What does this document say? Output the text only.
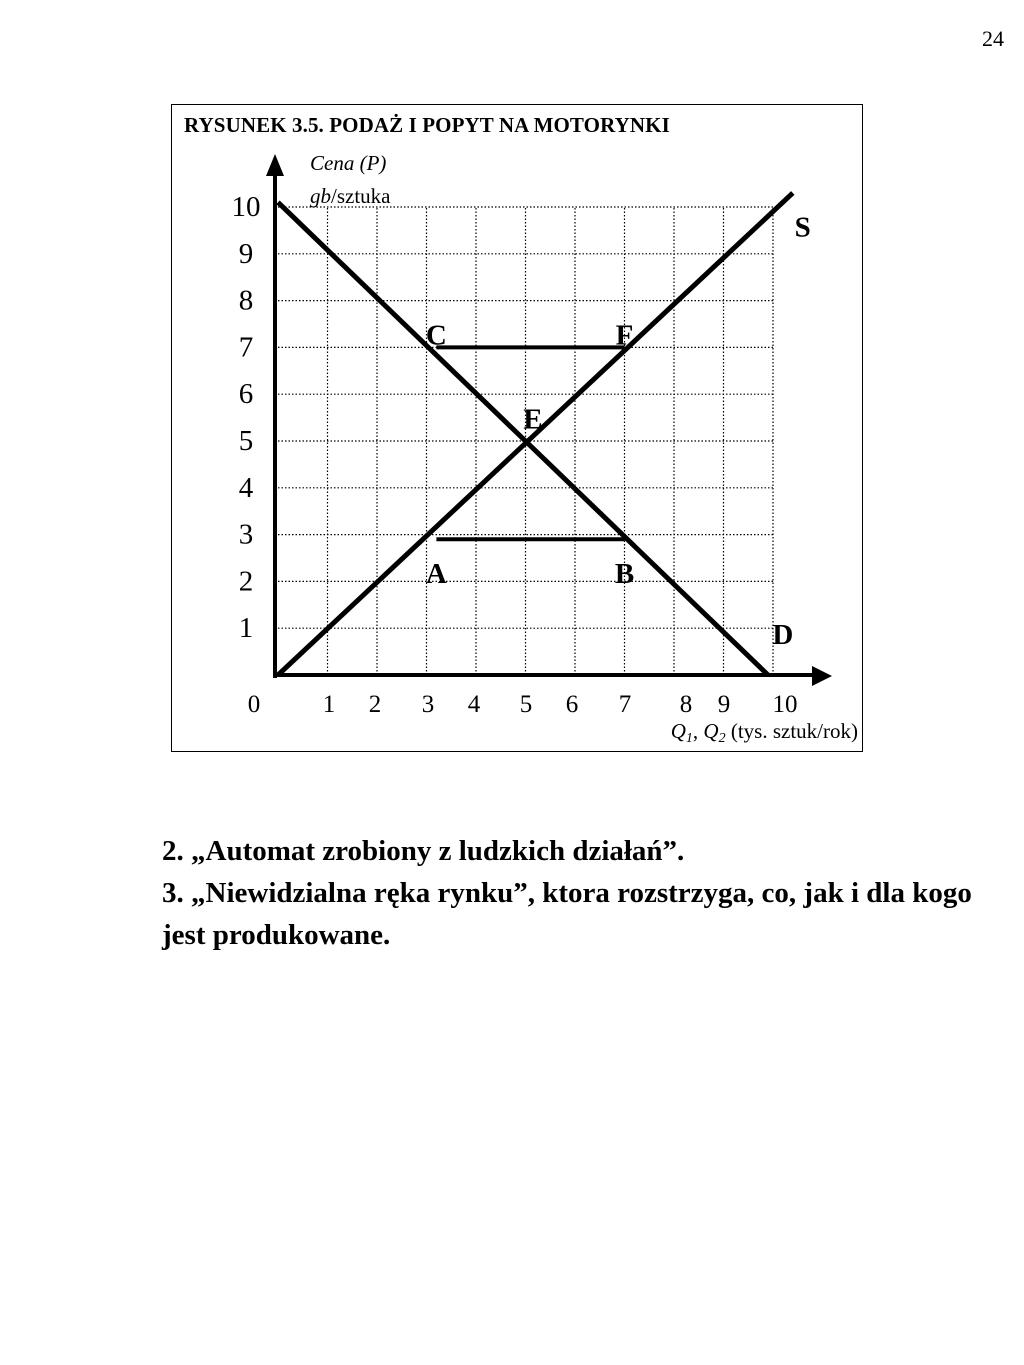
24
RYSUNEK 3.5. PODAŻ I POPYT NA MOTORYNKI
1
2
3
4
5
6
7
8
9
10
1 2 3 4 5 6 7 8 9 10
0
Cena (P)
gb/sztuka
Q1, Q2 (tys. sztuk/rok)
C	F
E
A	B
S
D

2. „Automat zrobiony z ludzkich działań”.

3. „Niewidzialna ręka rynku”, ktora rozstrzyga, co, jak i dla kogo jest produkowane.
